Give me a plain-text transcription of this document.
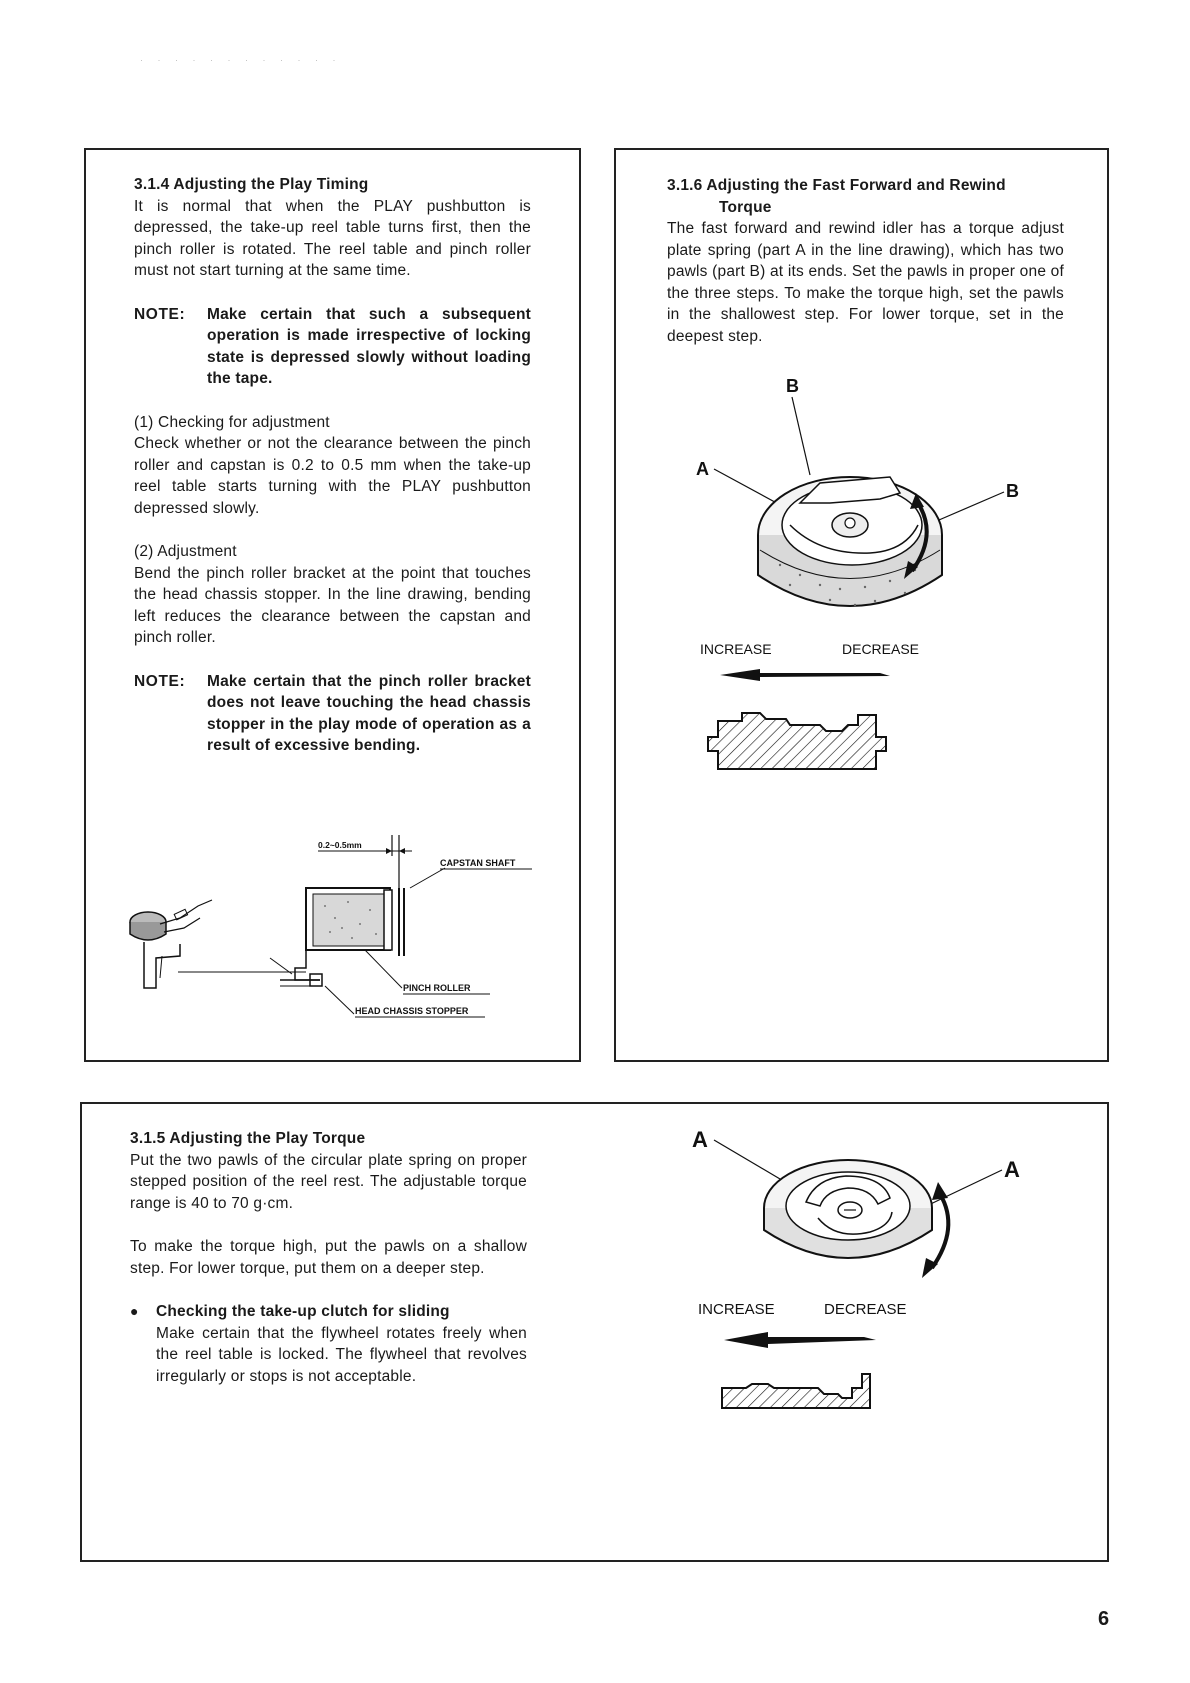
· · · · · · · · · · · ·

3.1.4 Adjusting the Play Timing

It is normal that when the PLAY pushbutton is depressed, the take-up reel table turns first, then the pinch roller is rotated. The reel table and pinch roller must not start turning at the same time.

NOTE:	Make certain that such a subsequent operation is made irrespective of locking state is depressed slowly without loading the tape.

(1) Checking for adjustment

Check whether or not the clearance between the pinch roller and capstan is 0.2 to 0.5 mm when the take-up reel table starts turning with the PLAY pushbutton depressed slowly.

(2) Adjustment

Bend the pinch roller bracket at the point that touches the head chassis stopper. In the line drawing, bending left reduces the clearance between the capstan and pinch roller.

NOTE:	Make certain that the pinch roller bracket does not leave touching the head chassis stopper in the play mode of operation as a result of excessive bending.
0.2~0.5mm
CAPSTAN SHAFT
PINCH ROLLER
HEAD CHASSIS STOPPER

3.1.6 Adjusting the Fast Forward and Rewind

Torque

The fast forward and rewind idler has a torque adjust plate spring (part A in the line drawing), which has two pawls (part B) at its ends. Set the pawls in proper one of the three steps. To make the torque high, set the pawls in the shallowest step. For lower torque, set in the deepest step.

B
A
B
INCREASE	DECREASE

3.1.5 Adjusting the Play Torque

Put the two pawls of the circular plate spring on proper stepped position of the reel rest. The adjustable torque range is 40 to 70 g·cm.

To make the torque high, put the pawls on a shallow step. For lower torque, put them on a deeper step.

●	Checking the take-up clutch for sliding

Make certain that the flywheel rotates freely when the reel table is locked. The flywheel that revolves irregularly or stops is not acceptable.

A
A
INCREASE	DECREASE
6
